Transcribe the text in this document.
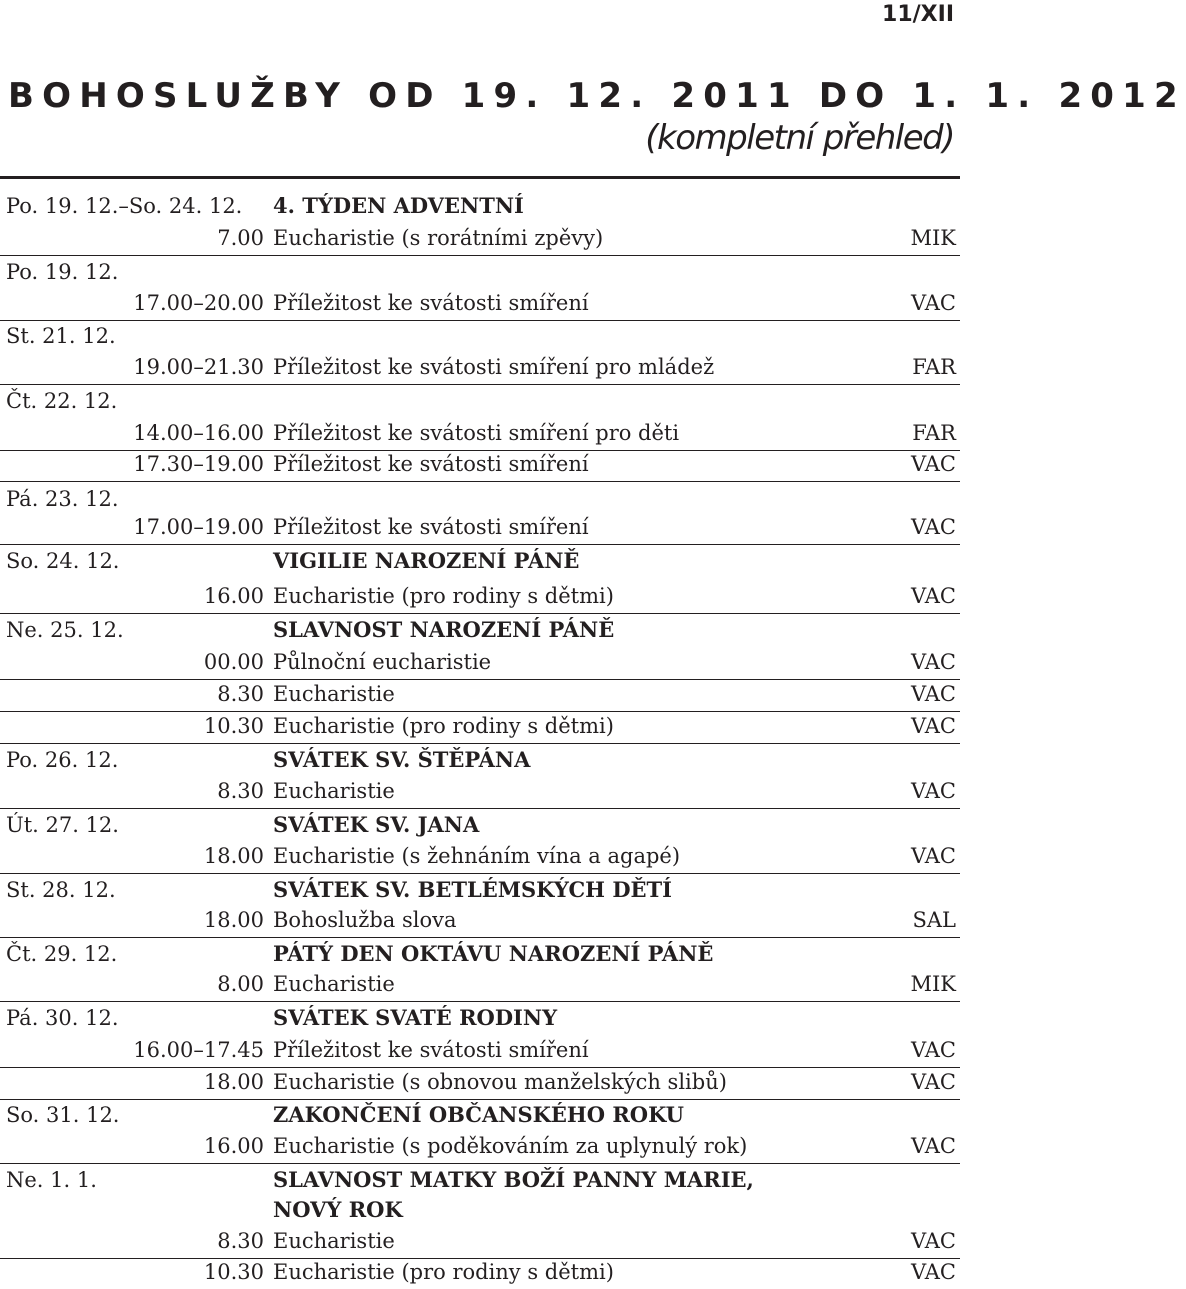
11/XII
BOHOSLUŽBY OD 19. 12. 2011 DO 1. 1. 2012
(kompletní přehled)
Po. 19. 12.–So. 24. 12. 4. TÝDEN ADVENTNÍ
7.00 Eucharistie (s rorátními zpěvy)	MIK
Po. 19. 12.
17.00–20.00 Příležitost ke svátosti smíření	VAC
St. 21. 12.
19.00–21.30 Příležitost ke svátosti smíření pro mládež	FAR
Čt. 22. 12.
14.00–16.00 Příležitost ke svátosti smíření pro děti	FAR
17.30–19.00 Příležitost ke svátosti smíření	VAC
Pá. 23. 12.
17.00–19.00 Příležitost ke svátosti smíření	VAC
So. 24. 12.	VIGILIE NAROZENÍ PÁNĚ
16.00 Eucharistie (pro rodiny s dětmi)	VAC
Ne. 25. 12.	SLAVNOST NAROZENÍ PÁNĚ
00.00 Půlnoční eucharistie	VAC
8.30 Eucharistie	VAC
10.30 Eucharistie (pro rodiny s dětmi)	VAC
Po. 26. 12.	SVÁTEK SV. ŠTĚPÁNA
8.30 Eucharistie	VAC
Út. 27. 12.	SVÁTEK SV. JANA
18.00 Eucharistie (s žehnáním vína a agapé)	VAC
St. 28. 12.	SVÁTEK SV. BETLÉMSKÝCH DĚTÍ
18.00 Bohoslužba slova	SAL
Čt. 29. 12.	PÁTÝ DEN OKTÁVU NAROZENÍ PÁNĚ
8.00 Eucharistie	MIK
Pá. 30. 12.	SVÁTEK SVATÉ RODINY
16.00–17.45 Příležitost ke svátosti smíření	VAC
18.00 Eucharistie (s obnovou manželských slibů)	VAC
So. 31. 12.	ZAKONČENÍ OBČANSKÉHO ROKU
16.00 Eucharistie (s poděkováním za uplynulý rok)	VAC
Ne. 1. 1.	SLAVNOST MATKY BOŽÍ PANNY MARIE,
NOVÝ ROK
8.30 Eucharistie	VAC
10.30 Eucharistie (pro rodiny s dětmi)	VAC
